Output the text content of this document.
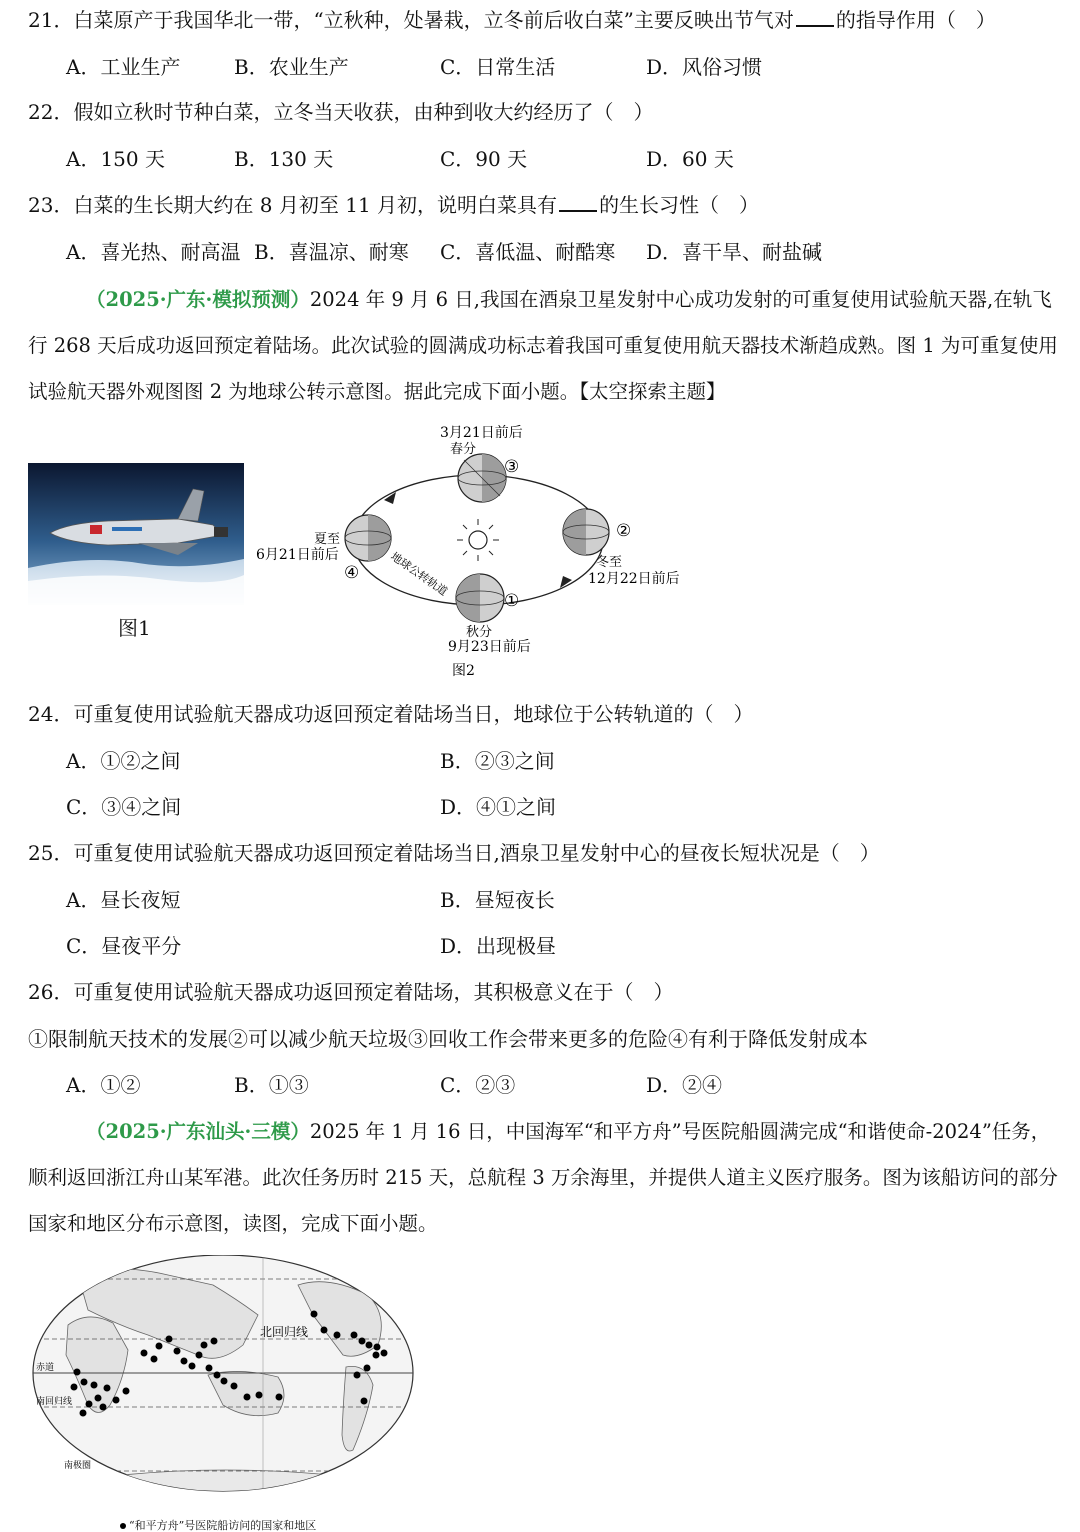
21．白菜原产于我国华北一带，“立秋种，处暑栽，立冬前后收白菜”主要反映出节气对 的指导作用（　）
A．工业生产	B．农业生产	C．日常生活	D．风俗习惯
22．假如立秋时节种白菜，立冬当天收获，由种到收大约经历了（　）
A．150 天	B．130 天	C．90 天	D．60 天
23．白菜的生长期大约在 8 月初至 11 月初，说明白菜具有 的生长习性（　）
A．喜光热、耐高温 B．喜温凉、耐寒 C．喜低温、耐酷寒 D．喜干旱、耐盐碱
（2025·广东·模拟预测）2024 年 9 月 6 日,我国在酒泉卫星发射中心成功发射的可重复使用试验航天器,在轨飞行 268 天后成功返回预定着陆场。此次试验的圆满成功标志着我国可重复使用航天器技术渐趋成熟。图 1 为可重复使用试验航天器外观图图 2 为地球公转示意图。据此完成下面小题。【太空探索主题】
图1
3月21日前后
春分
夏至
6月21日前后	冬至
12月22日前后
秋分
9月23日前后
地球公转轨道
①
②
③
④
图2
24．可重复使用试验航天器成功返回预定着陆场当日，地球位于公转轨道的（　）
A．①②之间	B．②③之间
C．③④之间	D．④①之间
25．可重复使用试验航天器成功返回预定着陆场当日,酒泉卫星发射中心的昼夜长短状况是（　）
A．昼长夜短	B．昼短夜长
C．昼夜平分	D．出现极昼
26．可重复使用试验航天器成功返回预定着陆场，其积极意义在于（　）
①限制航天技术的发展②可以减少航天垃圾③回收工作会带来更多的危险④有利于降低发射成本
A．①②	B．①③	C．②③	D．②④
（2025·广东汕头·三模）2025 年 1 月 16 日，中国海军“和平方舟”号医院船圆满完成“和谐使命-2024”任务，顺利返回浙江舟山某军港。此次任务历时 215 天，总航程 3 万余海里，并提供人道主义医疗服务。图为该船访问的部分国家和地区分布示意图，读图，完成下面小题。
北回归线
赤道
南回归线
南极圈
“和平方舟”号医院船访问的国家和地区
